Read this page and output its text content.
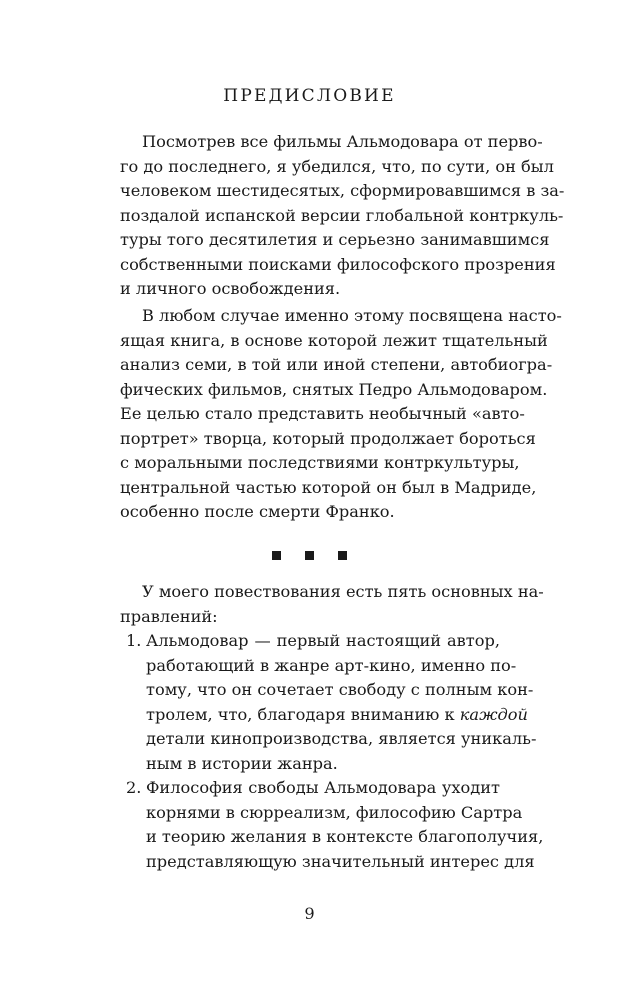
ПРЕДИСЛОВИЕ
Посмотрев все фильмы Альмодовара от перво-
го до последнего, я убедился, что, по сути, он был
человеком шестидесятых, сформировавшимся в за-
поздалой испанской версии глобальной контркуль-
туры того десятилетия и серьезно занимавшимся
собственными поисками философского прозрения
и личного освобождения.
В любом случае именно этому посвящена насто-
ящая книга, в основе которой лежит тщательный
анализ семи, в той или иной степени, автобиогра-
фических фильмов, снятых Педро Альмодоваром.
Ее целью стало представить необычный «авто-
портрет» творца, который продолжает бороться
с моральными последствиями контркультуры,
центральной частью которой он был в Мадриде,
особенно после смерти Франко.
У моего повествования есть пять основных на-
правлений:
1. Альмодовар — первый настоящий автор,
работающий в жанре арт-кино, именно по-
тому, что он сочетает свободу с полным кон-
тролем, что, благодаря вниманию к каждой
детали кинопроизводства, является уникаль-
ным в истории жанра.
2. Философия свободы Альмодовара уходит
корнями в сюрреализм, философию Сартра
и теорию желания в контексте благополучия,
представляющую значительный интерес для
9
